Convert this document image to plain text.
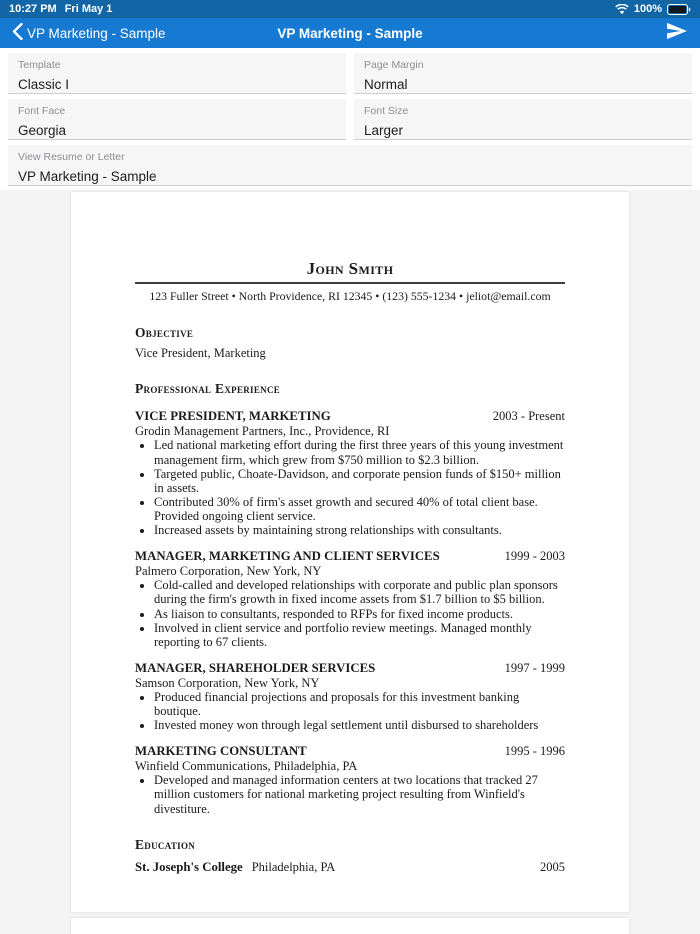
10:27 PM Fri May 1	100%
VP Marketing - Sample	VP Marketing - Sample
Template
Classic I
Page Margin
Normal
Font Face
Georgia
Font Size
Larger
View Resume or Letter
VP Marketing - Sample
John Smith
123 Fuller Street • North Providence, RI 12345 • (123) 555-1234 • jeliot@email.com
Objective
Vice President, Marketing
Professional Experience
VICE PRESIDENT, MARKETING	2003 - Present
Grodin Management Partners, Inc., Providence, RI
• Led national marketing effort during the first three years of this young investment management firm, which grew from $750 million to $2.3 billion.
• Targeted public, Choate-Davidson, and corporate pension funds of $150+ million in assets.
• Contributed 30% of firm's asset growth and secured 40% of total client base. Provided ongoing client service.
• Increased assets by maintaining strong relationships with consultants.
MANAGER, MARKETING AND CLIENT SERVICES	1999 - 2003
Palmero Corporation, New York, NY
• Cold-called and developed relationships with corporate and public plan sponsors during the firm's growth in fixed income assets from $1.7 billion to $5 billion.
• As liaison to consultants, responded to RFPs for fixed income products.
• Involved in client service and portfolio review meetings. Managed monthly reporting to 67 clients.
MANAGER, SHAREHOLDER SERVICES	1997 - 1999
Samson Corporation, New York, NY
• Produced financial projections and proposals for this investment banking boutique.
• Invested money won through legal settlement until disbursed to shareholders
MARKETING CONSULTANT	1995 - 1996
Winfield Communications, Philadelphia, PA
• Developed and managed information centers at two locations that tracked 27 million customers for national marketing project resulting from Winfield's divestiture.
Education
St. Joseph's College Philadelphia, PA	2005
